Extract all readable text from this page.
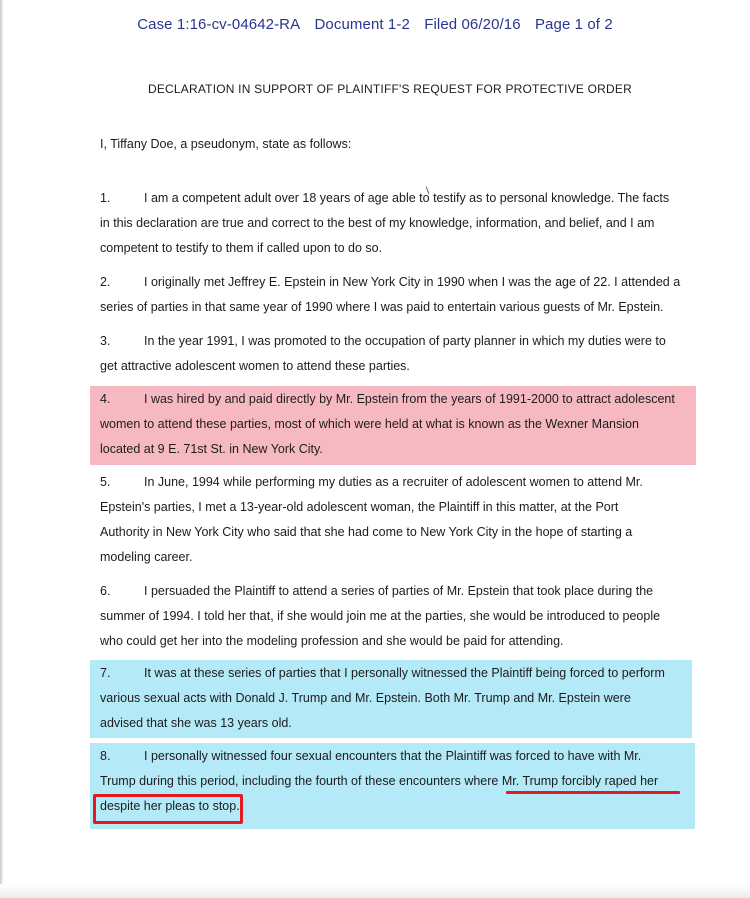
Case 1:16-cv-04642-RA Document 1-2 Filed 06/20/16 Page 1 of 2
DECLARATION IN SUPPORT OF PLAINTIFF'S REQUEST FOR PROTECTIVE ORDER
I, Tiffany Doe, a pseudonym, state as follows:
1.	I am a competent adult over 18 years of age able to testify as to personal knowledge. The facts
in this declaration are true and correct to the best of my knowledge, information, and belief, and I am
competent to testify to them if called upon to do so.
2.	I originally met Jeffrey E. Epstein in New York City in 1990 when I was the age of 22. I attended a
series of parties in that same year of 1990 where I was paid to entertain various guests of Mr. Epstein.
3.	In the year 1991, I was promoted to the occupation of party planner in which my duties were to
get attractive adolescent women to attend these parties.
4.	I was hired by and paid directly by Mr. Epstein from the years of 1991-2000 to attract adolescent
women to attend these parties, most of which were held at what is known as the Wexner Mansion
located at 9 E. 71st St. in New York City.
5.	In June, 1994 while performing my duties as a recruiter of adolescent women to attend Mr.
Epstein's parties, I met a 13-year-old adolescent woman, the Plaintiff in this matter, at the Port
Authority in New York City who said that she had come to New York City in the hope of starting a
modeling career.
6.	I persuaded the Plaintiff to attend a series of parties of Mr. Epstein that took place during the
summer of 1994. I told her that, if she would join me at the parties, she would be introduced to people
who could get her into the modeling profession and she would be paid for attending.
7.	It was at these series of parties that I personally witnessed the Plaintiff being forced to perform
various sexual acts with Donald J. Trump and Mr. Epstein. Both Mr. Trump and Mr. Epstein were
advised that she was 13 years old.
8.	I personally witnessed four sexual encounters that the Plaintiff was forced to have with Mr.
Trump during this period, including the fourth of these encounters where Mr. Trump forcibly raped her
despite her pleas to stop.
